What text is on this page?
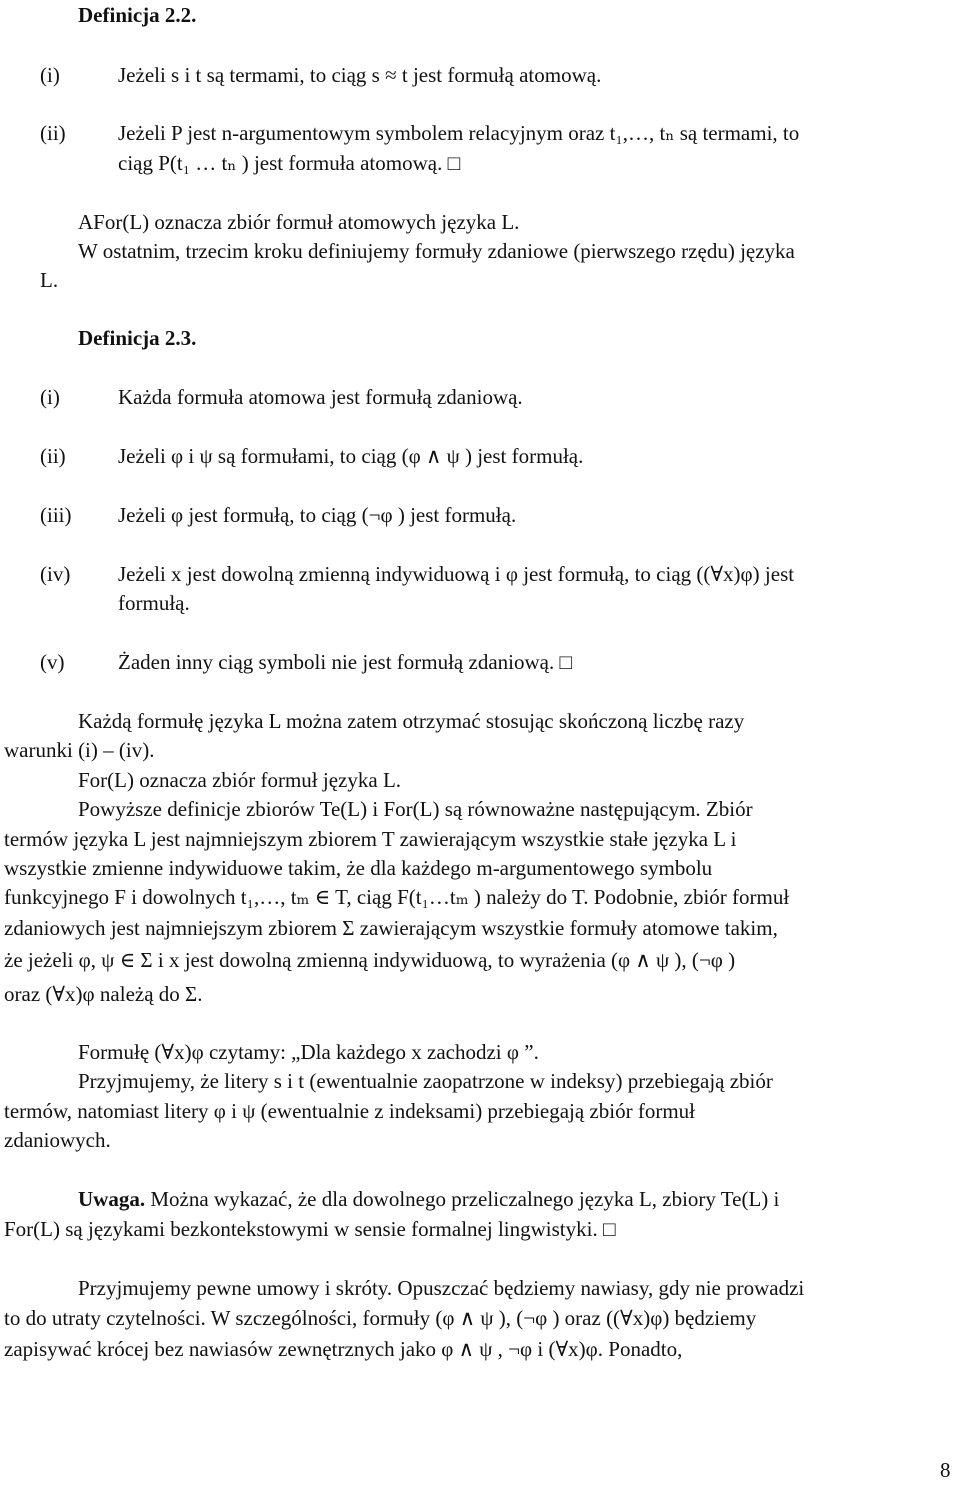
Definicja 2.2.
(i)	Jeżeli s i t są termami, to ciąg s ≈ t jest formułą atomową.
(ii) Jeżeli P jest n-argumentowym symbolem relacyjnym oraz t₁,…, tₙ są termami, to
ciąg P(t₁ … tₙ ) jest formuła atomową. □
AFor(L) oznacza zbiór formuł atomowych języka L.
W ostatnim, trzecim kroku definiujemy formuły zdaniowe (pierwszego rzędu) języka
L.
Definicja 2.3.
(i)	Każda formuła atomowa jest formułą zdaniową.
(ii) Jeżeli φ i ψ są formułami, to ciąg (φ ∧ ψ ) jest formułą.
(iii) Jeżeli φ jest formułą, to ciąg (¬φ ) jest formułą.
(iv) Jeżeli x jest dowolną zmienną indywiduową i φ jest formułą, to ciąg ((∀x)φ) jest
formułą.
(v)	Żaden inny ciąg symboli nie jest formułą zdaniową. □
Każdą formułę języka L można zatem otrzymać stosując skończoną liczbę razy
warunki (i) – (iv).
For(L) oznacza zbiór formuł języka L.
Powyższe definicje zbiorów Te(L) i For(L) są równoważne następującym. Zbiór
termów języka L jest najmniejszym zbiorem T zawierającym wszystkie stałe języka L i
wszystkie zmienne indywiduowe takim, że dla każdego m-argumentowego symbolu
funkcyjnego F i dowolnych t₁,…, tₘ ∈ T, ciąg F(t₁…tₘ ) należy do T. Podobnie, zbiór formuł
zdaniowych jest najmniejszym zbiorem Σ zawierającym wszystkie formuły atomowe takim,
że jeżeli φ, ψ ∈ Σ i x jest dowolną zmienną indywiduową, to wyrażenia (φ ∧ ψ ), (¬φ )
oraz (∀x)φ należą do Σ.
Formułę (∀x)φ czytamy: „Dla każdego x zachodzi φ ”.
Przyjmujemy, że litery s i t (ewentualnie zaopatrzone w indeksy) przebiegają zbiór
termów, natomiast litery φ i ψ (ewentualnie z indeksami) przebiegają zbiór formuł
zdaniowych.
Uwaga. Można wykazać, że dla dowolnego przeliczalnego języka L, zbiory Te(L) i
For(L) są językami bezkontekstowymi w sensie formalnej lingwistyki. □
Przyjmujemy pewne umowy i skróty. Opuszczać będziemy nawiasy, gdy nie prowadzi
to do utraty czytelności. W szczególności, formuły (φ ∧ ψ ), (¬φ ) oraz ((∀x)φ) będziemy
zapisywać krócej bez nawiasów zewnętrznych jako φ ∧ ψ , ¬φ i (∀x)φ. Ponadto,
8
